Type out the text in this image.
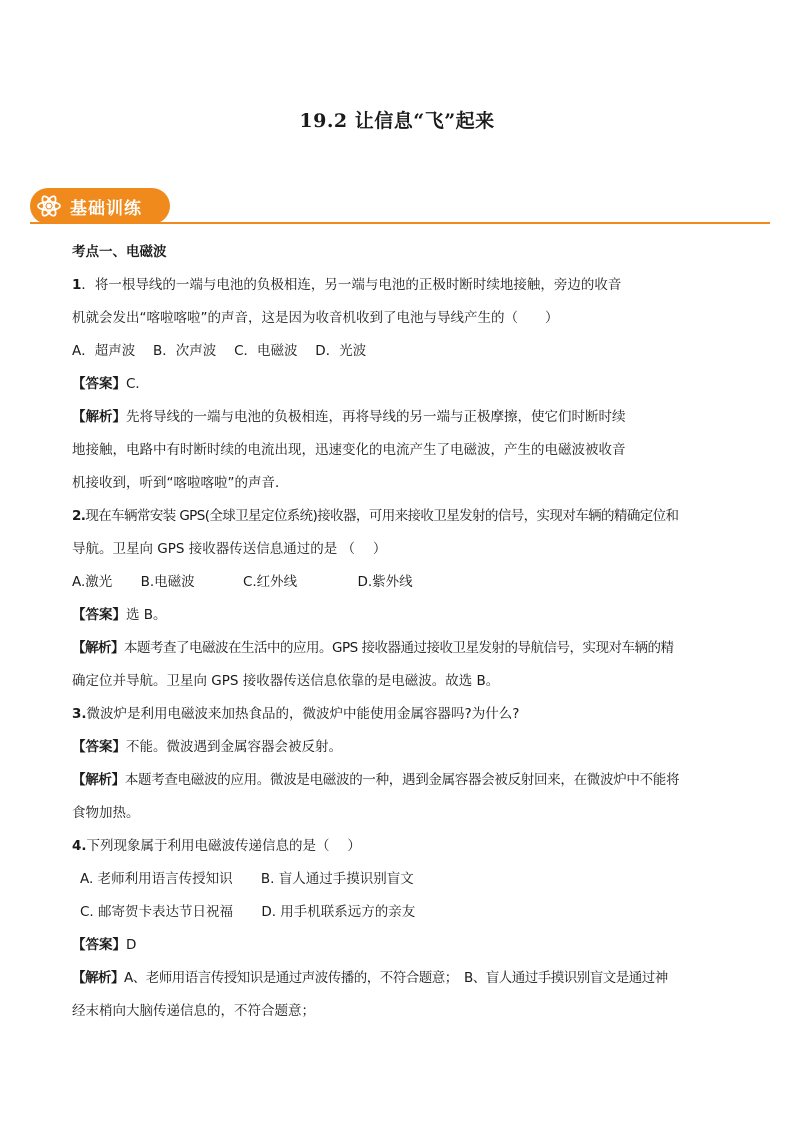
19.2 让信息“飞”起来
基础训练
考点一、电磁波
1．将一根导线的一端与电池的负极相连，另一端与电池的正极时断时续地接触，旁边的收音
机就会发出“喀啦喀啦”的声音，这是因为收音机收到了电池与导线产生的（　　）
A．超声波　 B．次声波　 C．电磁波　 D．光波
【答案】C．
【解析】先将导线的一端与电池的负极相连，再将导线的另一端与正极摩擦，使它们时断时续
地接触，电路中有时断时续的电流出现，迅速变化的电流产生了电磁波，产生的电磁波被收音
机接收到，听到“喀啦喀啦”的声音．
2.现在车辆常安装 GPS(全球卫星定位系统)接收器，可用来接收卫星发射的信号，实现对车辆的精确定位和
导航。卫星向 GPS 接收器传送信息通过的是 （　 ）
A.激光 B.电磁波	C.红外线	D.紫外线
【答案】选 B。
【解析】本题考查了电磁波在生活中的应用。GPS 接收器通过接收卫星发射的导航信号，实现对车辆的精
确定位并导航。卫星向 GPS 接收器传送信息依靠的是电磁波。故选 B。
3.微波炉是利用电磁波来加热食品的，微波炉中能使用金属容器吗?为什么?
【答案】不能。微波遇到金属容器会被反射。
【解析】本题考查电磁波的应用。微波是电磁波的一种，遇到金属容器会被反射回来，在微波炉中不能将
食物加热。
4.下列现象属于利用电磁波传递信息的是（　 ）
A. 老师利用语言传授知识 B. 盲人通过手摸识别盲文
C. 邮寄贺卡表达节日祝福 D. 用手机联系远方的亲友
【答案】D
【解析】A、老师用语言传授知识是通过声波传播的，不符合题意；　B、盲人通过手摸识别盲文是通过神
经末梢向大脑传递信息的，不符合题意；
